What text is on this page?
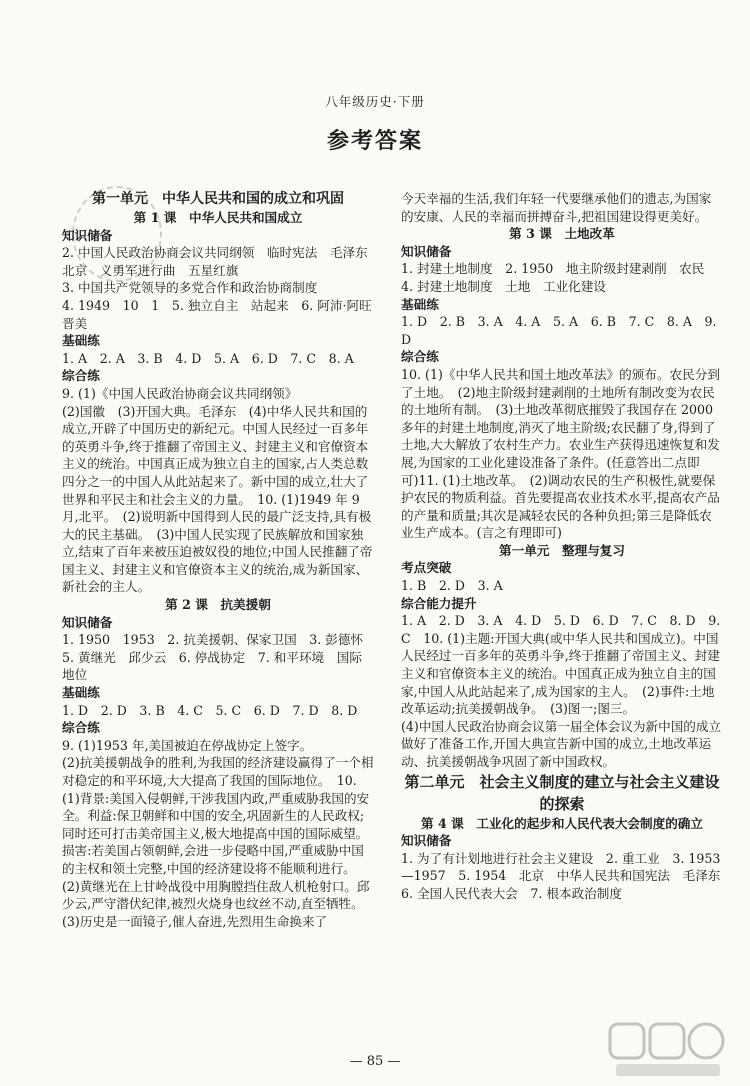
八年级历史·下册
参考答案

第一单元　中华人民共和国的成立和巩固

第 1 课　中华人民共和国成立

知识储备

2. 中国人民政治协商会议共同纲领　临时宪法　毛泽东　北京　义勇军进行曲　五星红旗

3. 中国共产党领导的多党合作和政治协商制度

4. 1949　10　1　5. 独立自主　站起来　6. 阿沛·阿旺晋美

基础练

1. A　2. A　3. B　4. D　5. A　6. D　7. C　8. A

综合练

9. (1)《中国人民政治协商会议共同纲领》

(2)国徽　(3)开国大典。毛泽东　(4)中华人民共和国的成立,开辟了中国历史的新纪元。中国人民经过一百多年的英勇斗争,终于推翻了帝国主义、封建主义和官僚资本主义的统治。中国真正成为独立自主的国家,占人类总数四分之一的中国人从此站起来了。新中国的成立,壮大了世界和平民主和社会主义的力量。　10. (1)1949 年 9 月,北平。　(2)说明新中国得到人民的最广泛支持,具有极大的民主基础。　(3)中国人民实现了民族解放和国家独立,结束了百年来被压迫被奴役的地位;中国人民推翻了帝国主义、封建主义和官僚资本主义的统治,成为新国家、新社会的主人。

第 2 课　抗美援朝

知识储备

1. 1950　1953　2. 抗美援朝、保家卫国　3. 彭德怀　5. 黄继光　邱少云　6. 停战协定　7. 和平环境　国际地位

基础练

1. D　2. D　3. B　4. C　5. C　6. D　7. D　8. D

综合练

9. (1)1953 年,美国被迫在停战协定上签字。

(2)抗美援朝战争的胜利,为我国的经济建设赢得了一个相对稳定的和平环境,大大提高了我国的国际地位。　10. (1)背景:美国入侵朝鲜,干涉我国内政,严重威胁我国的安全。利益:保卫朝鲜和中国的安全,巩固新生的人民政权;同时还可打击美帝国主义,极大地提高中国的国际威望。损害:若美国占领朝鲜,会进一步侵略中国,严重威胁中国的主权和领土完整,中国的经济建设将不能顺利进行。　(2)黄继光在上甘岭战役中用胸膛挡住敌人机枪射口。邱少云,严守潜伏纪律,被烈火烧身也纹丝不动,直至牺牲。

(3)历史是一面镜子,催人奋进,先烈用生命换来了

今天幸福的生活,我们年轻一代要继承他们的遗志,为国家的安康、人民的幸福而拼搏奋斗,把祖国建设得更美好。

第 3 课　土地改革

知识储备

1. 封建土地制度　2. 1950　地主阶级封建剥削　农民　4. 封建土地制度　土地　工业化建设

基础练

1. D　2. B　3. A　4. A　5. A　6. B　7. C　8. A　9. D

综合练

10. (1)《中华人民共和国土地改革法》的颁布。农民分到了土地。　(2)地主阶级封建剥削的土地所有制改变为农民的土地所有制。　(3)土地改革彻底摧毁了我国存在 2000 多年的封建土地制度,消灭了地主阶级;农民翻了身,得到了土地,大大解放了农村生产力。农业生产获得迅速恢复和发展,为国家的工业化建设准备了条件。(任意答出二点即可)11. (1)土地改革。　(2)调动农民的生产积极性,就要保护农民的物质利益。首先要提高农业技术水平,提高农产品的产量和质量;其次是减轻农民的各种负担;第三是降低农业生产成本。(言之有理即可)

第一单元　整理与复习

考点突破

1. B　2. D　3. A

综合能力提升

1. A　2. D　3. A　4. D　5. D　6. D　7. C　8. D　9. C　10. (1)主题:开国大典(或中华人民共和国成立)。中国人民经过一百多年的英勇斗争,终于推翻了帝国主义、封建主义和官僚资本主义的统治。中国真正成为独立自主的国家,中国人从此站起来了,成为国家的主人。　(2)事件:土地改革运动;抗美援朝战争。　(3)图一;图三。

(4)中国人民政治协商会议第一届全体会议为新中国的成立做好了准备工作,开国大典宣告新中国的成立,土地改革运动、抗美援朝战争巩固了新中国政权。

第二单元　社会主义制度的建立与社会主义建设的探索

第 4 课　工业化的起步和人民代表大会制度的确立

知识储备

1. 为了有计划地进行社会主义建设　2. 重工业　3. 1953—1957　5. 1954　北京　中华人民共和国宪法　毛泽东　6. 全国人民代表大会　7. 根本政治制度

— 85 —
